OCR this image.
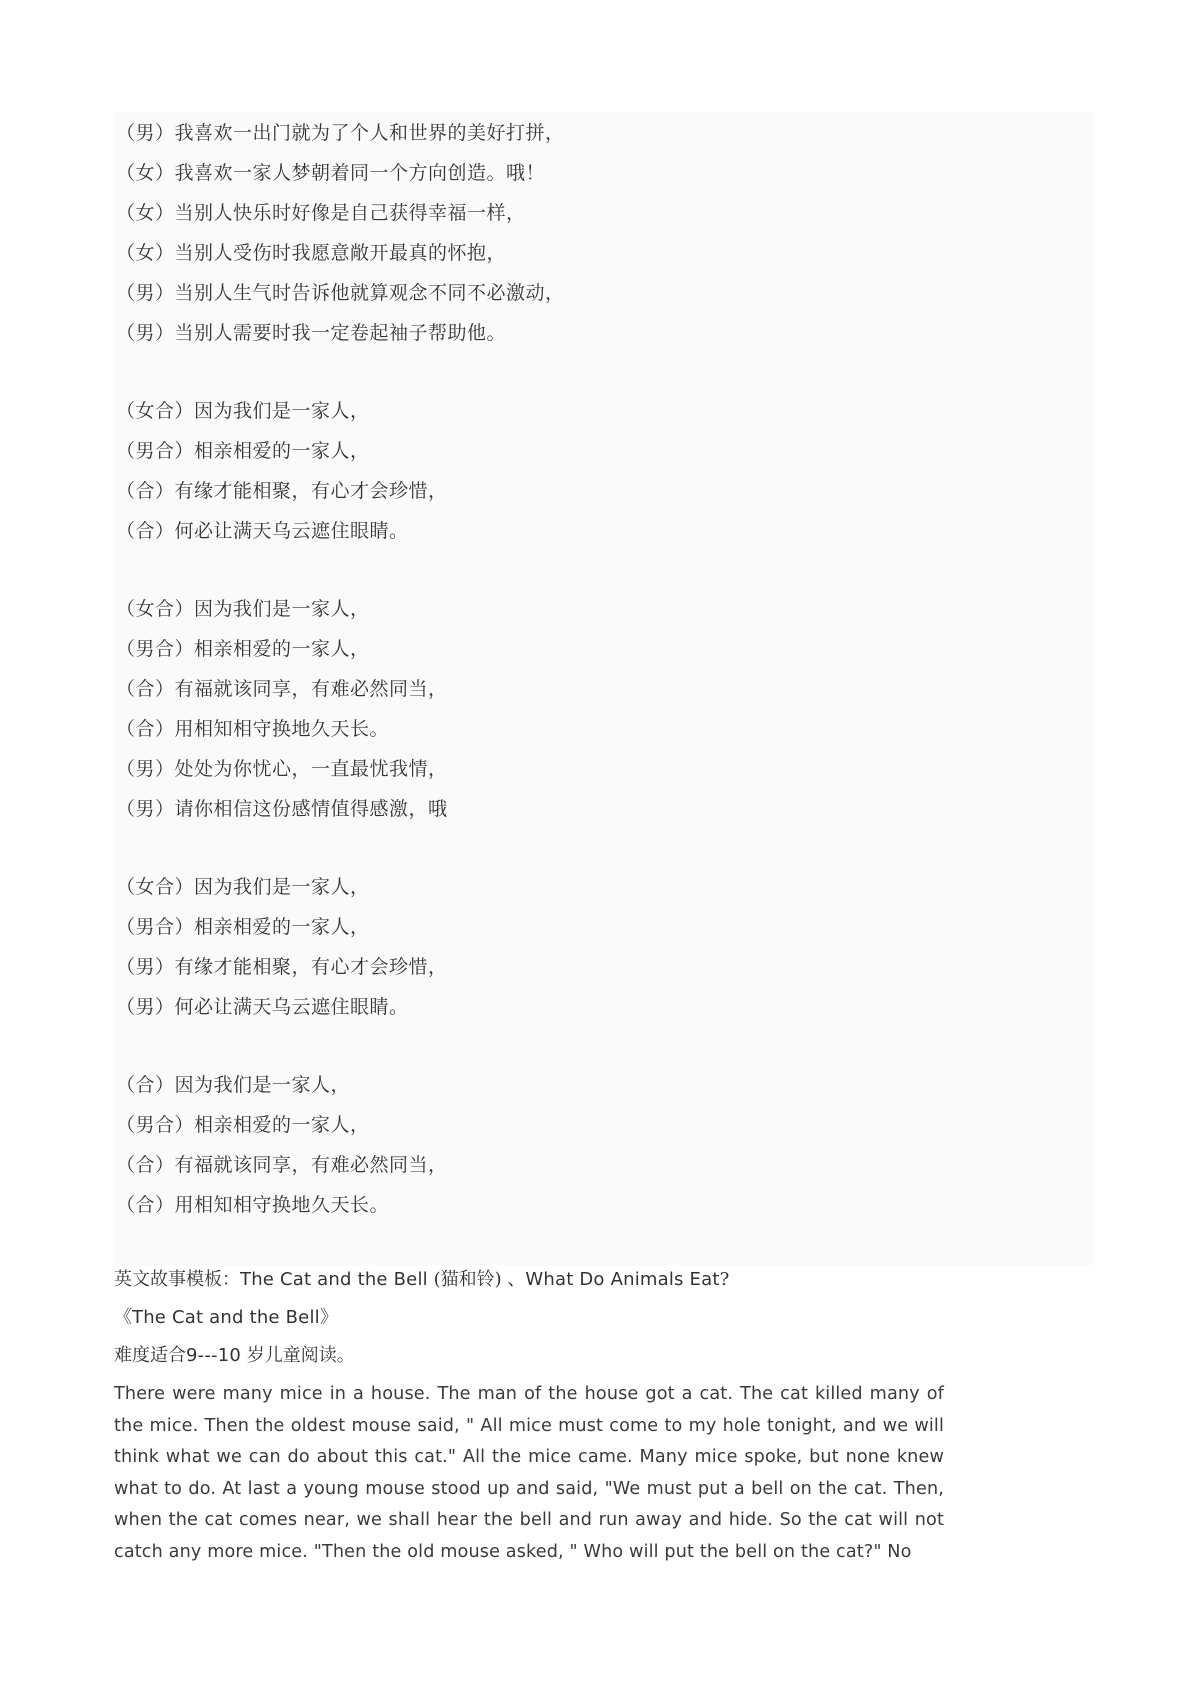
（男）我喜欢一出门就为了个人和世界的美好打拼，
（女）我喜欢一家人梦朝着同一个方向创造。哦！
（女）当别人快乐时好像是自己获得幸福一样，
（女）当别人受伤时我愿意敞开最真的怀抱，
（男）当别人生气时告诉他就算观念不同不必激动，
（男）当别人需要时我一定卷起袖子帮助他。
（女合）因为我们是一家人，
（男合）相亲相爱的一家人，
（合）有缘才能相聚，有心才会珍惜，
（合）何必让满天乌云遮住眼睛。
（女合）因为我们是一家人，
（男合）相亲相爱的一家人，
（合）有福就该同享，有难必然同当，
（合）用相知相守换地久天长。
（男）处处为你忧心，一直最忧我情，
（男）请你相信这份感情值得感激，哦
（女合）因为我们是一家人，
（男合）相亲相爱的一家人，
（男）有缘才能相聚，有心才会珍惜，
（男）何必让满天乌云遮住眼睛。
（合）因为我们是一家人，
（男合）相亲相爱的一家人，
（合）有福就该同享，有难必然同当，
（合）用相知相守换地久天长。
英文故事模板：The Cat and the Bell (猫和铃) 、What Do Animals Eat?
《The Cat and the Bell》
难度适合9---10 岁儿童阅读。
There were many mice in a house. The man of the house got a cat. The cat killed many of the mice. Then the oldest mouse said, " All mice must come to my hole tonight, and we will think what we can do about this cat." All the mice came. Many mice spoke, but none knew what to do. At last a young mouse stood up and said, "We must put a bell on the cat. Then, when the cat comes near, we shall hear the bell and run away and hide. So the cat will not catch any more mice. "Then the old mouse asked, " Who will put the bell on the cat?" No
